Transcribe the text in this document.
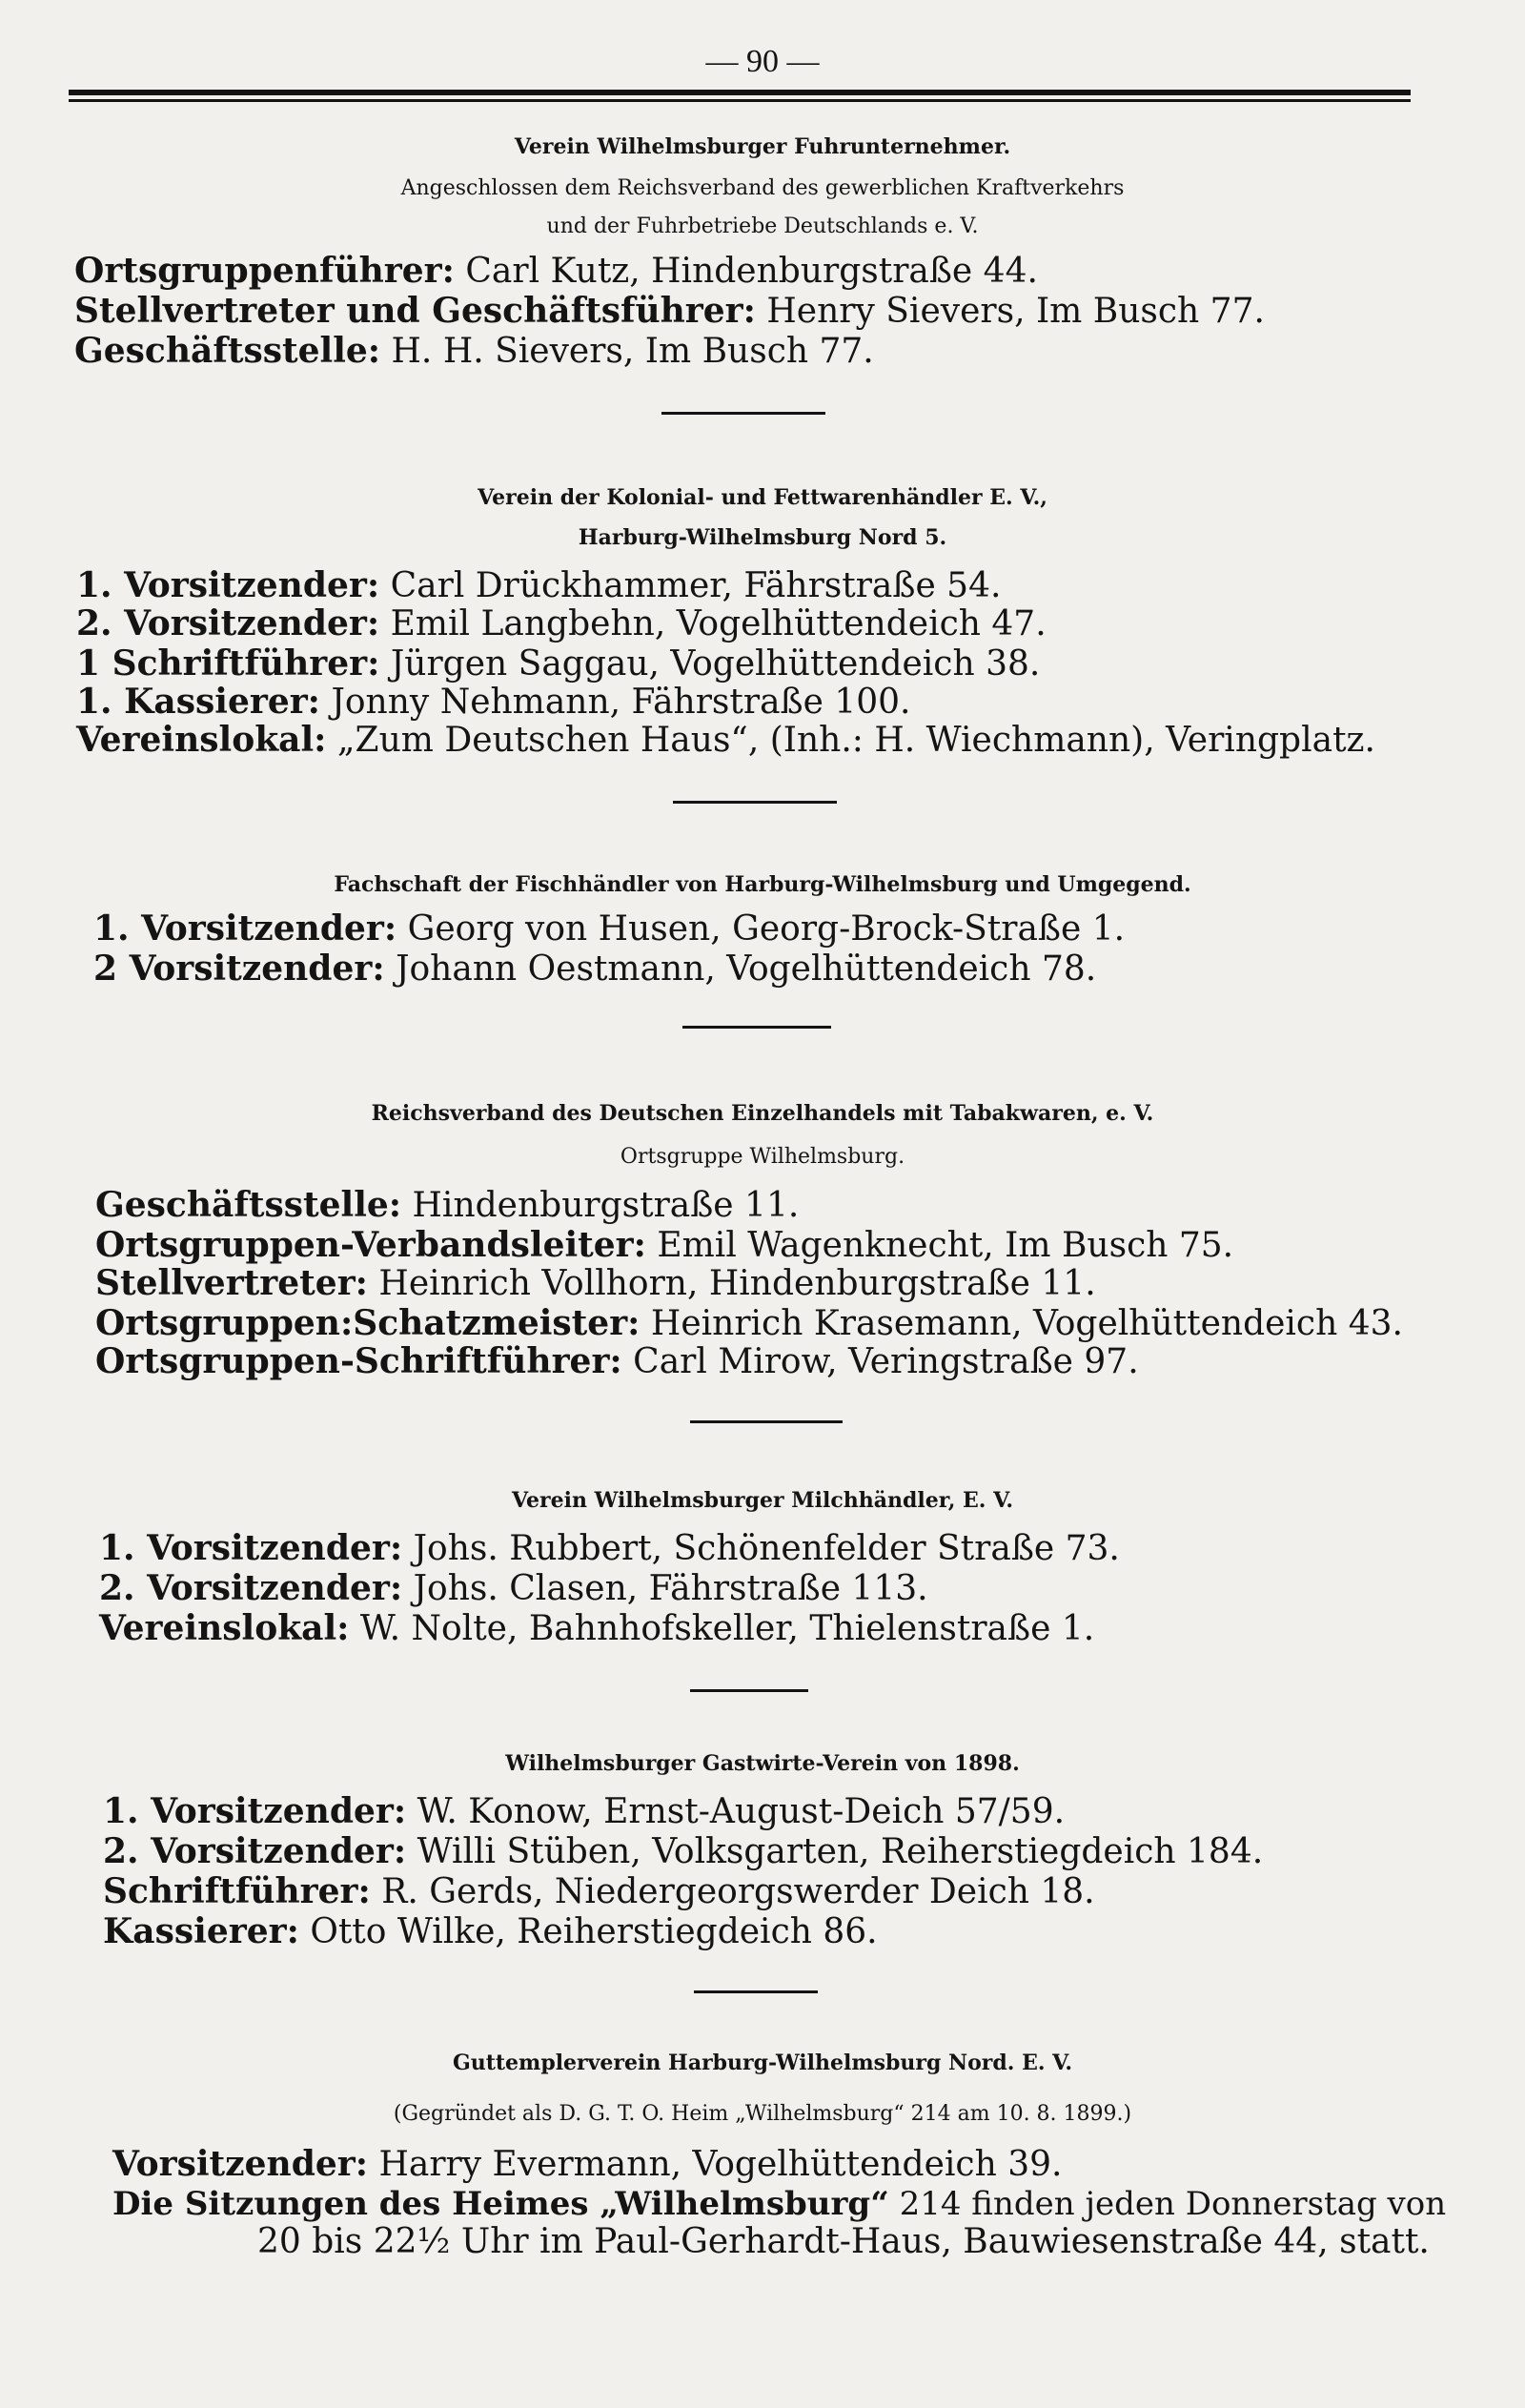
— 90 —
Verein Wilhelmsburger Fuhrunternehmer.
Angeschlossen dem Reichsverband des gewerblichen Kraftverkehrs
und der Fuhrbetriebe Deutschlands e. V.
Ortsgruppenführer: Carl Kutz, Hindenburgstraße 44.
Stellvertreter und Geschäftsführer: Henry Sievers, Im Busch 77.
Geschäftsstelle: H. H. Sievers, Im Busch 77.
Verein der Kolonial- und Fettwarenhändler E. V.,
Harburg-Wilhelmsburg Nord 5.
1. Vorsitzender: Carl Drückhammer, Fährstraße 54.
2. Vorsitzender: Emil Langbehn, Vogelhüttendeich 47.
1 Schriftführer: Jürgen Saggau, Vogelhüttendeich 38.
1. Kassierer: Jonny Nehmann, Fährstraße 100.
Vereinslokal: „Zum Deutschen Haus“, (Inh.: H. Wiechmann), Veringplatz.
Fachschaft der Fischhändler von Harburg-Wilhelmsburg und Umgegend.
1. Vorsitzender: Georg von Husen, Georg-Brock-Straße 1.
2 Vorsitzender: Johann Oestmann, Vogelhüttendeich 78.
Reichsverband des Deutschen Einzelhandels mit Tabakwaren, e. V.
Ortsgruppe Wilhelmsburg.
Geschäftsstelle: Hindenburgstraße 11.
Ortsgruppen-Verbandsleiter: Emil Wagenknecht, Im Busch 75.
Stellvertreter: Heinrich Vollhorn, Hindenburgstraße 11.
Ortsgruppen:Schatzmeister: Heinrich Krasemann, Vogelhüttendeich 43.
Ortsgruppen-Schriftführer: Carl Mirow, Veringstraße 97.
Verein Wilhelmsburger Milchhändler, E. V.
1. Vorsitzender: Johs. Rubbert, Schönenfelder Straße 73.
2. Vorsitzender: Johs. Clasen, Fährstraße 113.
Vereinslokal: W. Nolte, Bahnhofskeller, Thielenstraße 1.
Wilhelmsburger Gastwirte-Verein von 1898.
1. Vorsitzender: W. Konow, Ernst-August-Deich 57/59.
2. Vorsitzender: Willi Stüben, Volksgarten, Reiherstiegdeich 184.
Schriftführer: R. Gerds, Niedergeorgswerder Deich 18.
Kassierer: Otto Wilke, Reiherstiegdeich 86.
Guttemplerverein Harburg-Wilhelmsburg Nord. E. V.
(Gegründet als D. G. T. O. Heim „Wilhelmsburg“ 214 am 10. 8. 1899.)
Vorsitzender: Harry Evermann, Vogelhüttendeich 39.
Die Sitzungen des Heimes „Wilhelmsburg“ 214 finden jeden Donnerstag von
20 bis 22½ Uhr im Paul-Gerhardt-Haus, Bauwiesenstraße 44, statt.
